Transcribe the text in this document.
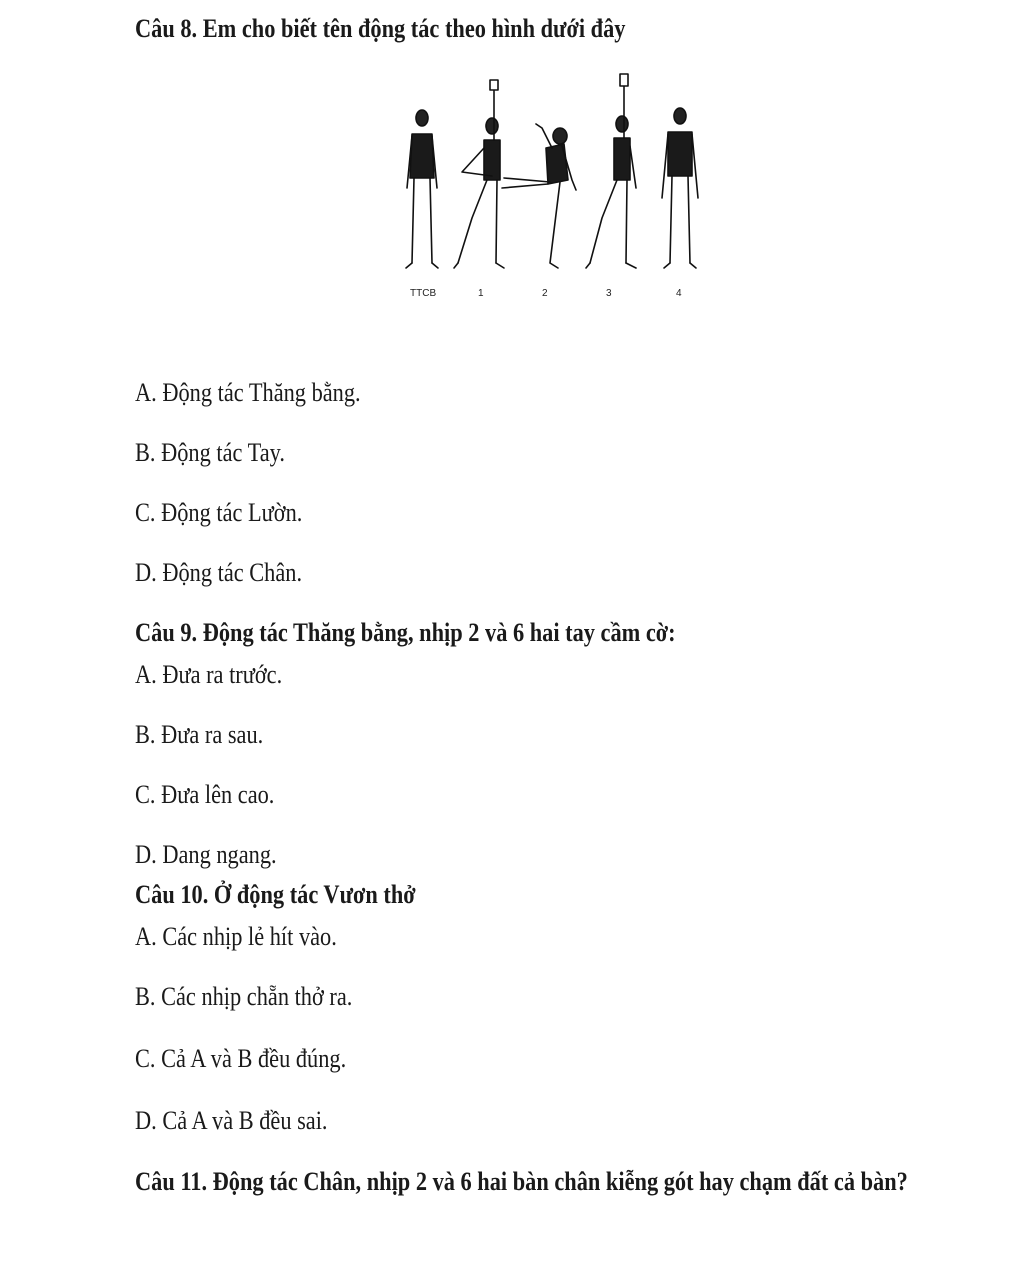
Câu 8. Em cho biết tên động tác theo hình dưới đây
TTCB	1	2	3	4
A. Động tác Thăng bằng.
B. Động tác Tay.
C. Động tác Lườn.
D. Động tác Chân.
Câu 9. Động tác Thăng bằng, nhịp 2 và 6 hai tay cầm cờ:
A. Đưa ra trước.
B. Đưa ra sau.
C. Đưa lên cao.
D. Dang ngang.
Câu 10. Ở động tác Vươn thở
A. Các nhịp lẻ hít vào.
B. Các nhịp chẵn thở ra.
C. Cả A và B đều đúng.
D. Cả A và B đều sai.
Câu 11. Động tác Chân, nhịp 2 và 6 hai bàn chân kiễng gót hay chạm đất cả bàn?
